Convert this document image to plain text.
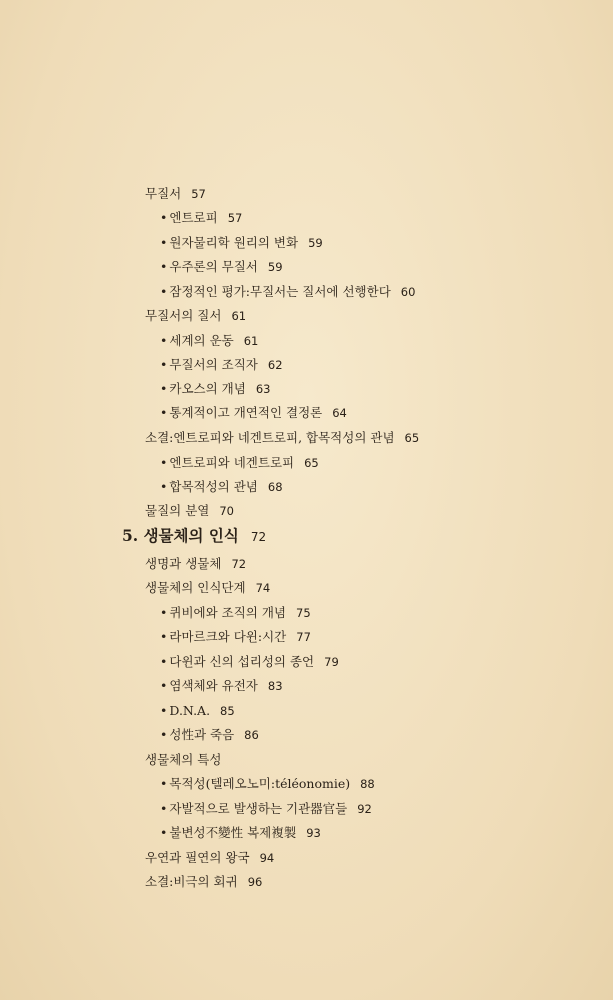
무질서 57
• 엔트로피 57
• 원자물리학 원리의 변화 59
• 우주론의 무질서 59
• 잠정적인 평가:무질서는 질서에 선행한다 60
무질서의 질서 61
• 세계의 운동 61
• 무질서의 조직자 62
• 카오스의 개념 63
• 통계적이고 개연적인 결정론 64
소결:엔트로피와 네겐트로피, 합목적성의 관념 65
• 엔트로피와 네겐트로피 65
• 합목적성의 관념 68
물질의 분열 70
5. 생물체의 인식 72
생명과 생물체 72
생물체의 인식단계 74
• 퀴비에와 조직의 개념 75
• 라마르크와 다윈:시간 77
• 다윈과 신의 섭리성의 종언 79
• 염색체와 유전자 83
• D.N.A. 85
• 성性과 죽음 86
생물체의 특성
• 목적성(텔레오노미:téléonomie) 88
• 자발적으로 발생하는 기관器官들 92
• 불변성不變性 복제複製 93
우연과 필연의 왕국 94
소결:비극의 회귀 96
